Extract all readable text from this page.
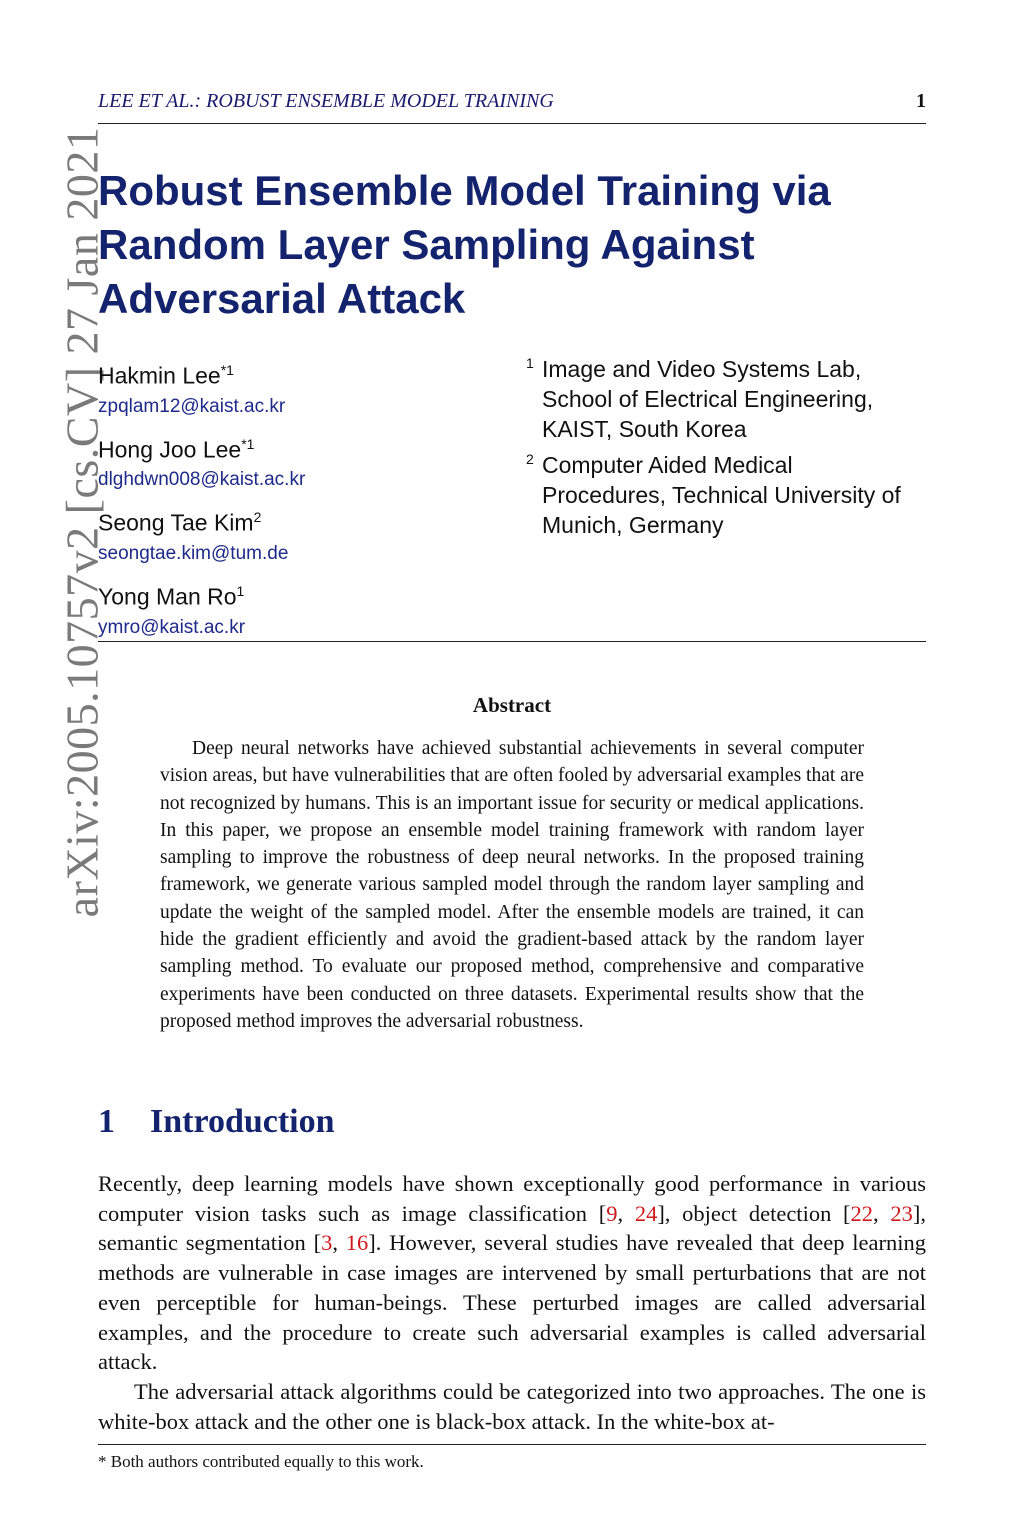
arXiv:2005.10757v2 [cs.CV] 27 Jan 2021
LEE ET AL.: ROBUST ENSEMBLE MODEL TRAINING	1
Robust Ensemble Model Training via Random Layer Sampling Against Adversarial Attack
Hakmin Lee$^{*1}$
zpqlam12@kaist.ac.kr
Hong Joo Lee$^{*1}$
dlghdwn008@kaist.ac.kr
Seong Tae Kim$^2$
seongtae.kim@tum.de
Yong Man Ro$^1$
ymro@kaist.ac.kr
1 Image and Video Systems Lab, School of Electrical Engineering, KAIST, South Korea
2 Computer Aided Medical Procedures, Technical University of Munich, Germany
Abstract

Deep neural networks have achieved substantial achievements in several computer vision areas, but have vulnerabilities that are often fooled by adversarial examples that are not recognized by humans. This is an important issue for security or medical applications. In this paper, we propose an ensemble model training framework with random layer sampling to improve the robustness of deep neural networks. In the proposed training framework, we generate various sampled model through the random layer sampling and update the weight of the sampled model. After the ensemble models are trained, it can hide the gradient efficiently and avoid the gradient-based attack by the random layer sampling method. To evaluate our proposed method, comprehensive and comparative experiments have been conducted on three datasets. Experimental results show that the proposed method improves the adversarial robustness.

1 Introduction

Recently, deep learning models have shown exceptionally good performance in various computer vision tasks such as image classification [9, 24], object detection [22, 23], semantic segmentation [3, 16]. However, several studies have revealed that deep learning methods are vulnerable in case images are intervened by small perturbations that are not even perceptible for human-beings. These perturbed images are called adversarial examples, and the procedure to create such adversarial examples is called adversarial attack.

The adversarial attack algorithms could be categorized into two approaches. The one is white-box attack and the other one is black-box attack. In the white-box at-

* Both authors contributed equally to this work.
